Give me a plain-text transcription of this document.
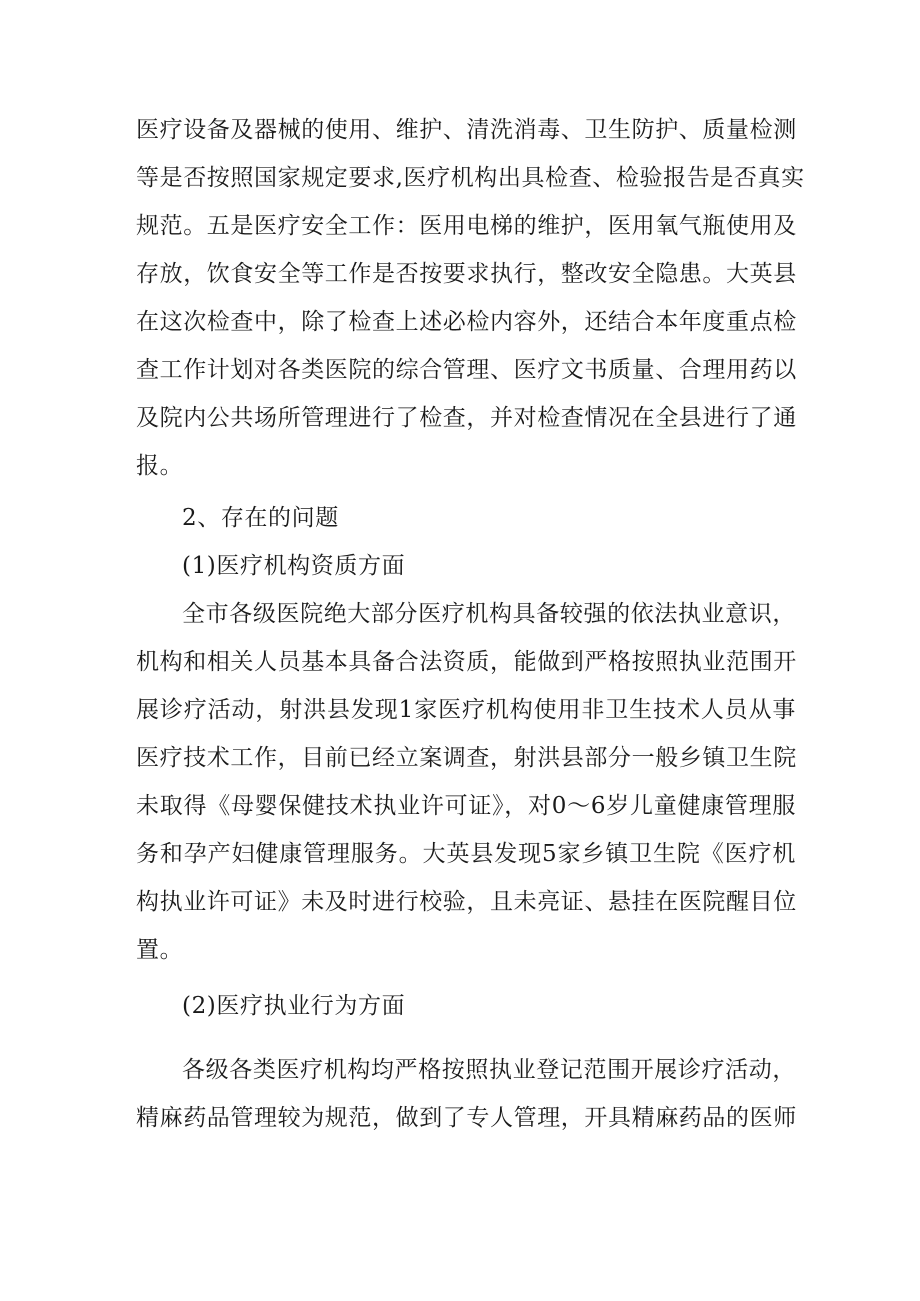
医疗设备及器械的使用、维护、清洗消毒、卫生防护、质量检测
等是否按照国家规定要求,医疗机构出具检查、检验报告是否真实
规范。五是医疗安全工作：医用电梯的维护，医用氧气瓶使用及
存放，饮食安全等工作是否按要求执行，整改安全隐患。大英县
在这次检查中，除了检查上述必检内容外，还结合本年度重点检
查工作计划对各类医院的综合管理、医疗文书质量、合理用药以
及院内公共场所管理进行了检查，并对检查情况在全县进行了通
报。
2、存在的问题
(1)医疗机构资质方面
全市各级医院绝大部分医疗机构具备较强的依法执业意识，
机构和相关人员基本具备合法资质，能做到严格按照执业范围开
展诊疗活动，射洪县发现1家医疗机构使用非卫生技术人员从事
医疗技术工作，目前已经立案调查，射洪县部分一般乡镇卫生院
未取得《母婴保健技术执业许可证》，对0～6岁儿童健康管理服
务和孕产妇健康管理服务。大英县发现5家乡镇卫生院《医疗机
构执业许可证》未及时进行校验，且未亮证、悬挂在医院醒目位
置。
(2)医疗执业行为方面
各级各类医疗机构均严格按照执业登记范围开展诊疗活动，
精麻药品管理较为规范，做到了专人管理，开具精麻药品的医师
